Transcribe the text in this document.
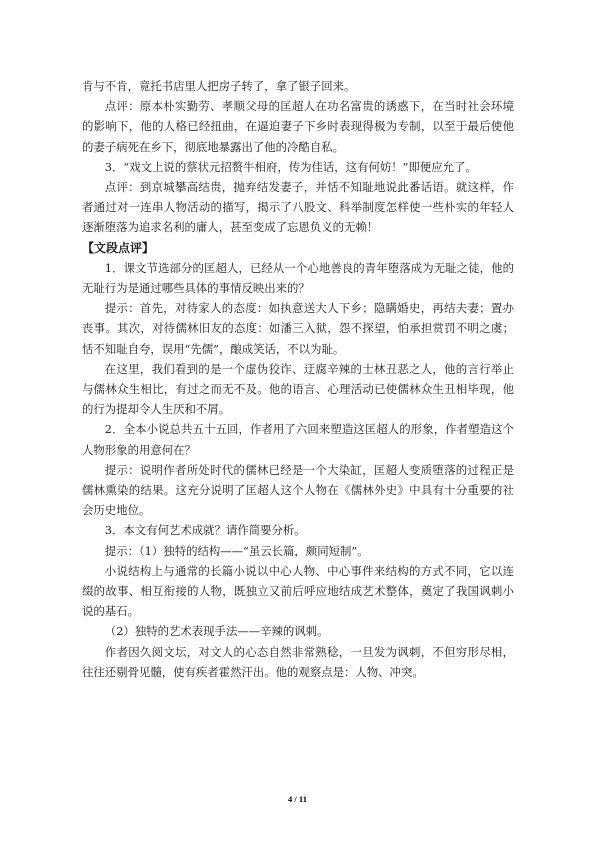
肯与不肯，竟托书店里人把房子转了，拿了银子回来。

点评：原本朴实勤劳、孝顺父母的匡超人在功名富贵的诱惑下，在当时社会环境的影响下，他的人格已经扭曲，在逼迫妻子下乡时表现得极为专制，以至于最后使他的妻子病死在乡下，彻底地暴露出了他的冷酷自私。

3．“戏文上说的蔡状元招赘牛相府，传为佳话，这有何妨！”即便应允了。

点评：到京城攀高结贵，抛弃结发妻子，并恬不知耻地说此番话语。就这样，作者通过对一连串人物活动的描写，揭示了八股文、科举制度怎样使一些朴实的年轻人逐渐堕落为追求名利的庸人，甚至变成了忘恩负义的无赖！

【文段点评】

1．课文节选部分的匡超人，已经从一个心地善良的青年堕落成为无耻之徒，他的无耻行为是通过哪些具体的事情反映出来的？

提示：首先，对待家人的态度：如执意送大人下乡；隐瞒婚史，再结夫妻；置办丧事。其次，对待儒林旧友的态度：如潘三入狱，怨不探望，怕承担赏罚不明之虞；恬不知耻自夸，误用“先儒”，酿成笑话，不以为耻。

在这里，我们看到的是一个虚伪狡诈、迂腐辛辣的士林丑恶之人，他的言行举止与儒林众生相比，有过之而无不及。他的语言、心理活动已使儒林众生丑相毕现，他的行为提却令人生厌和不屑。

2．全本小说总共五十五回，作者用了六回来塑造这匡超人的形象，作者塑造这个人物形象的用意何在？

提示：说明作者所处时代的儒林已经是一个大染缸，匡超人变质堕落的过程正是儒林熏染的结果。这充分说明了匡超人这个人物在《儒林外史》中具有十分重要的社会历史地位。

3．本文有何艺术成就？请作简要分析。

提示：（1）独特的结构——“虽云长篇，颇同短制”。

小说结构上与通常的长篇小说以中心人物、中心事件来结构的方式不同，它以连缀的故事、相互衔接的人物，既独立又前后呼应地结成艺术整体，奠定了我国讽刺小说的基石。

（2）独特的艺术表现手法——辛辣的讽刺。

作者因久阅文坛，对文人的心态自然非常熟稔，一旦发为讽刺，不但穷形尽相，往往还剔骨见髓，使有疾者霍然汗出。他的观察点是：人物、冲突。

4 / 11
